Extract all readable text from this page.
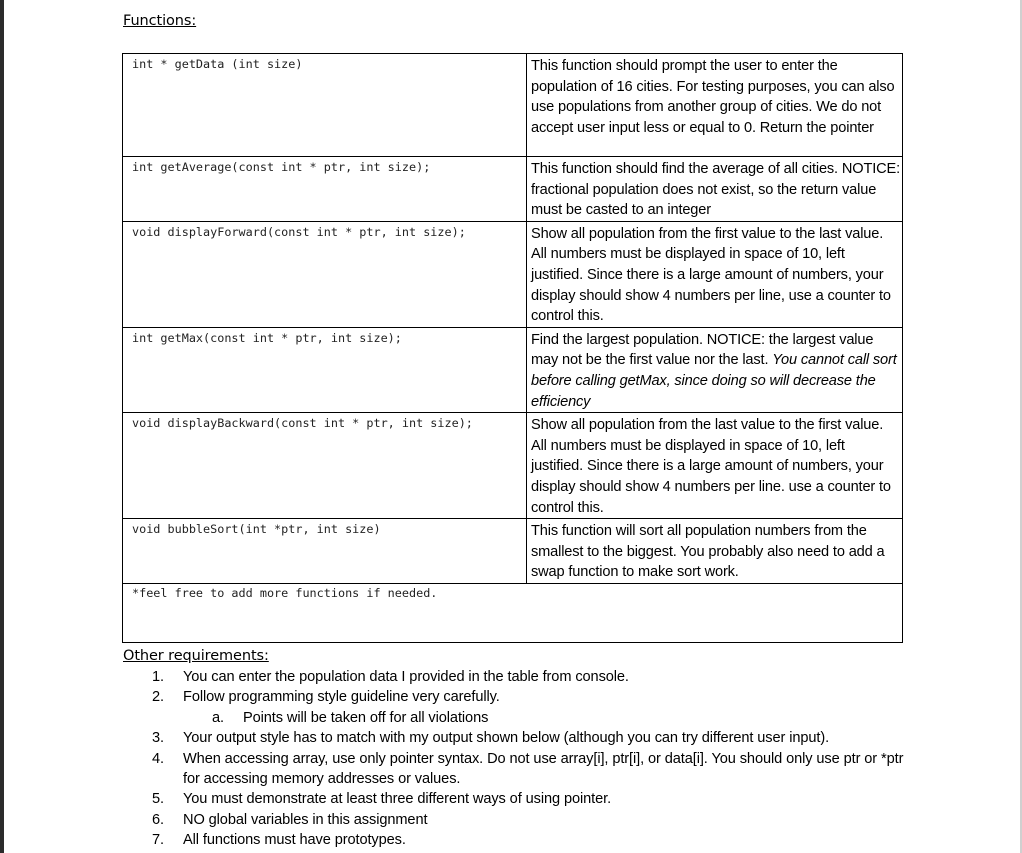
Functions:
int * getData (int size)	This function should prompt the user to enter the population of 16 cities. For testing purposes, you can also use populations from another group of cities. We do not accept user input less or equal to 0. Return the pointer
int getAverage(const int * ptr, int size);	This function should find the average of all cities. NOTICE: fractional population does not exist, so the return value must be casted to an integer
void displayForward(const int * ptr, int size);	Show all population from the first value to the last value. All numbers must be displayed in space of 10, left justified. Since there is a large amount of numbers, your display should show 4 numbers per line, use a counter to control this.
int getMax(const int * ptr, int size);	Find the largest population. NOTICE: the largest value may not be the first value nor the last. You cannot call sort before calling getMax, since doing so will decrease the efficiency
void displayBackward(const int * ptr, int size);	Show all population from the last value to the first value. All numbers must be displayed in space of 10, left justified. Since there is a large amount of numbers, your display should show 4 numbers per line. use a counter to control this.
void bubbleSort(int *ptr, int size)	This function will sort all population numbers from the smallest to the biggest. You probably also need to add a swap function to make sort work.
*feel free to add more functions if needed.	
Other requirements:
1. You can enter the population data I provided in the table from console.
2. Follow programming style guideline very carefully.
a. Points will be taken off for all violations
3. Your output style has to match with my output shown below (although you can try different user input).
4. When accessing array, use only pointer syntax. Do not use array[i], ptr[i], or data[i]. You should only use ptr or *ptr for accessing memory addresses or values.
5. You must demonstrate at least three different ways of using pointer.
6. NO global variables in this assignment
7. All functions must have prototypes.
